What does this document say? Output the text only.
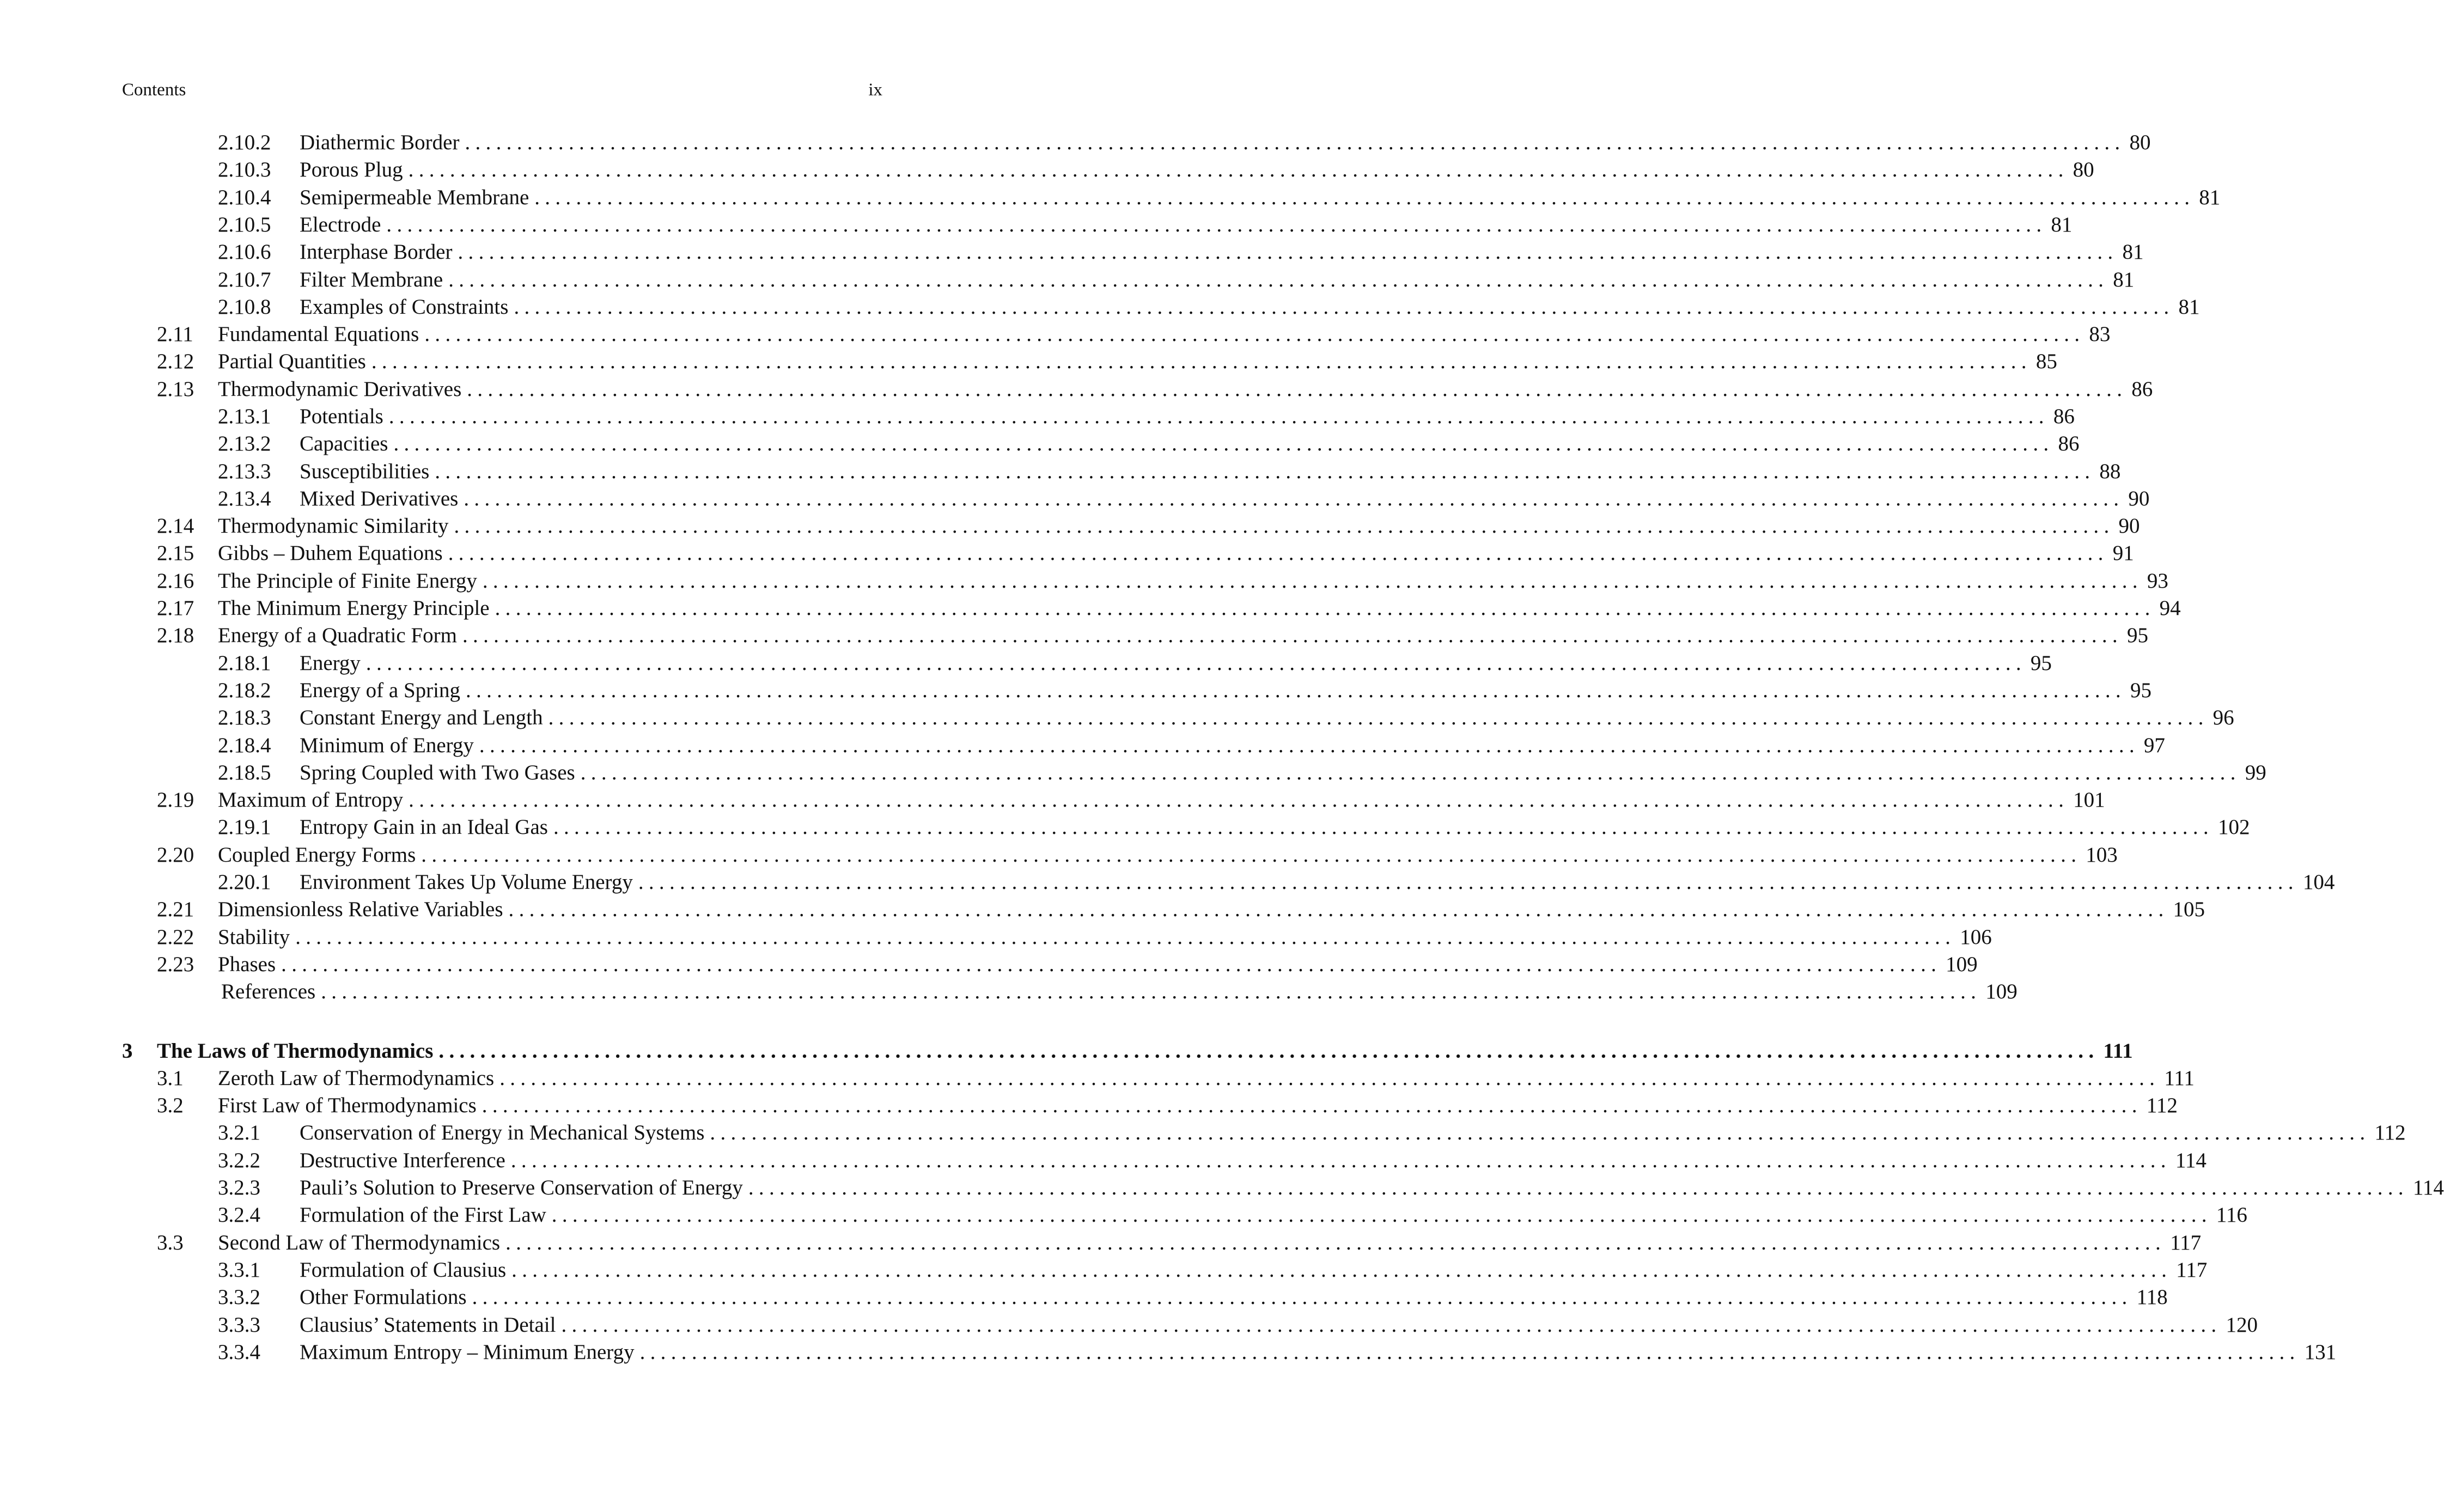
Contents	ix
2.10.2 Diathermic Border ................................................................................................................................................................ 80
2.10.3 Porous Plug ................................................................................................................................................................ 80
2.10.4 Semipermeable Membrane ................................................................................................................................................................ 81
2.10.5 Electrode ................................................................................................................................................................ 81
2.10.6 Interphase Border ................................................................................................................................................................ 81
2.10.7 Filter Membrane ................................................................................................................................................................ 81
2.10.8 Examples of Constraints ................................................................................................................................................................ 81
2.11 Fundamental Equations ................................................................................................................................................................ 83
2.12 Partial Quantities ................................................................................................................................................................ 85
2.13 Thermodynamic Derivatives ................................................................................................................................................................ 86
2.13.1 Potentials ................................................................................................................................................................ 86
2.13.2 Capacities ................................................................................................................................................................ 86
2.13.3 Susceptibilities ................................................................................................................................................................ 88
2.13.4 Mixed Derivatives ................................................................................................................................................................ 90
2.14 Thermodynamic Similarity ................................................................................................................................................................ 90
2.15 Gibbs – Duhem Equations ................................................................................................................................................................ 91
2.16 The Principle of Finite Energy ................................................................................................................................................................ 93
2.17 The Minimum Energy Principle ................................................................................................................................................................ 94
2.18 Energy of a Quadratic Form ................................................................................................................................................................ 95
2.18.1 Energy ................................................................................................................................................................ 95
2.18.2 Energy of a Spring ................................................................................................................................................................ 95
2.18.3 Constant Energy and Length ................................................................................................................................................................ 96
2.18.4 Minimum of Energy ................................................................................................................................................................ 97
2.18.5 Spring Coupled with Two Gases ................................................................................................................................................................ 99
2.19 Maximum of Entropy ................................................................................................................................................................ 101
2.19.1 Entropy Gain in an Ideal Gas ................................................................................................................................................................ 102
2.20 Coupled Energy Forms ................................................................................................................................................................ 103
2.20.1 Environment Takes Up Volume Energy ................................................................................................................................................................ 104
2.21 Dimensionless Relative Variables ................................................................................................................................................................ 105
2.22 Stability ................................................................................................................................................................ 106
2.23 Phases ................................................................................................................................................................ 109
References ................................................................................................................................................................ 109
3 The Laws of Thermodynamics ................................................................................................................................................................ 111
3.1 Zeroth Law of Thermodynamics ................................................................................................................................................................ 111
3.2 First Law of Thermodynamics ................................................................................................................................................................ 112
3.2.1 Conservation of Energy in Mechanical Systems ................................................................................................................................................................ 112
3.2.2 Destructive Interference ................................................................................................................................................................ 114
3.2.3 Pauli’s Solution to Preserve Conservation of Energy ................................................................................................................................................................ 114
3.2.4 Formulation of the First Law ................................................................................................................................................................ 116
3.3 Second Law of Thermodynamics ................................................................................................................................................................ 117
3.3.1 Formulation of Clausius ................................................................................................................................................................ 117
3.3.2 Other Formulations ................................................................................................................................................................ 118
3.3.3 Clausius’ Statements in Detail ................................................................................................................................................................ 120
3.3.4 Maximum Entropy – Minimum Energy ................................................................................................................................................................ 131
